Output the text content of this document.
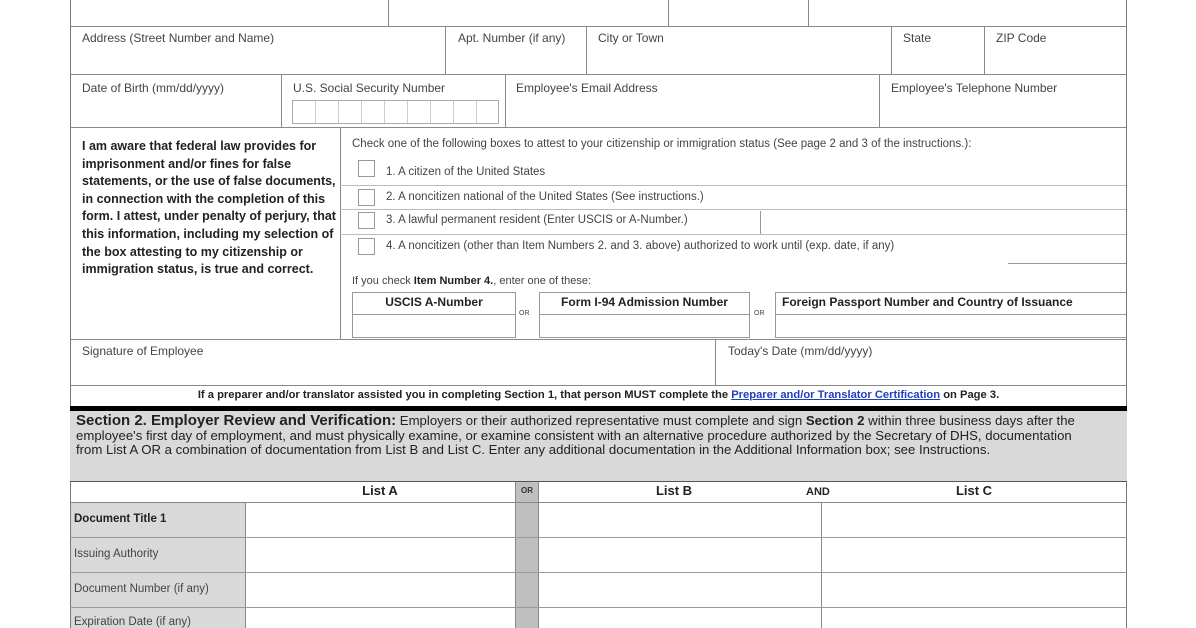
Address (Street Number and Name)	Apt. Number (if any)	City or Town	State	ZIP Code
Date of Birth (mm/dd/yyyy)	U.S. Social Security Number	Employee's Email Address	Employee's Telephone Number
I am aware that federal law provides for imprisonment and/or fines for false statements, or the use of false documents, in connection with the completion of this form. I attest, under penalty of perjury, that this information, including my selection of the box attesting to my citizenship or immigration status, is true and correct.
Check one of the following boxes to attest to your citizenship or immigration status (See page 2 and 3 of the instructions.):
1. A citizen of the United States
2. A noncitizen national of the United States (See instructions.)
3. A lawful permanent resident (Enter USCIS or A-Number.)
4. A noncitizen (other than Item Numbers 2. and 3. above) authorized to work until (exp. date, if any)
If you check Item Number 4., enter one of these:
USCIS A-Number
OR
Form I-94 Admission Number
OR
Foreign Passport Number and Country of Issuance
Signature of Employee	Today's Date (mm/dd/yyyy)
If a preparer and/or translator assisted you in completing Section 1, that person MUST complete the Preparer and/or Translator Certification on Page 3.
Section 2. Employer Review and Verification: Employers or their authorized representative must complete and sign Section 2 within three business days after the employee's first day of employment, and must physically examine, or examine consistent with an alternative procedure authorized by the Secretary of DHS, documentation from List A OR a combination of documentation from List B and List C. Enter any additional documentation in the Additional Information box; see Instructions.
List A	OR	List B	AND	List C
Document Title 1
Issuing Authority
Document Number (if any)
Expiration Date (if any)
